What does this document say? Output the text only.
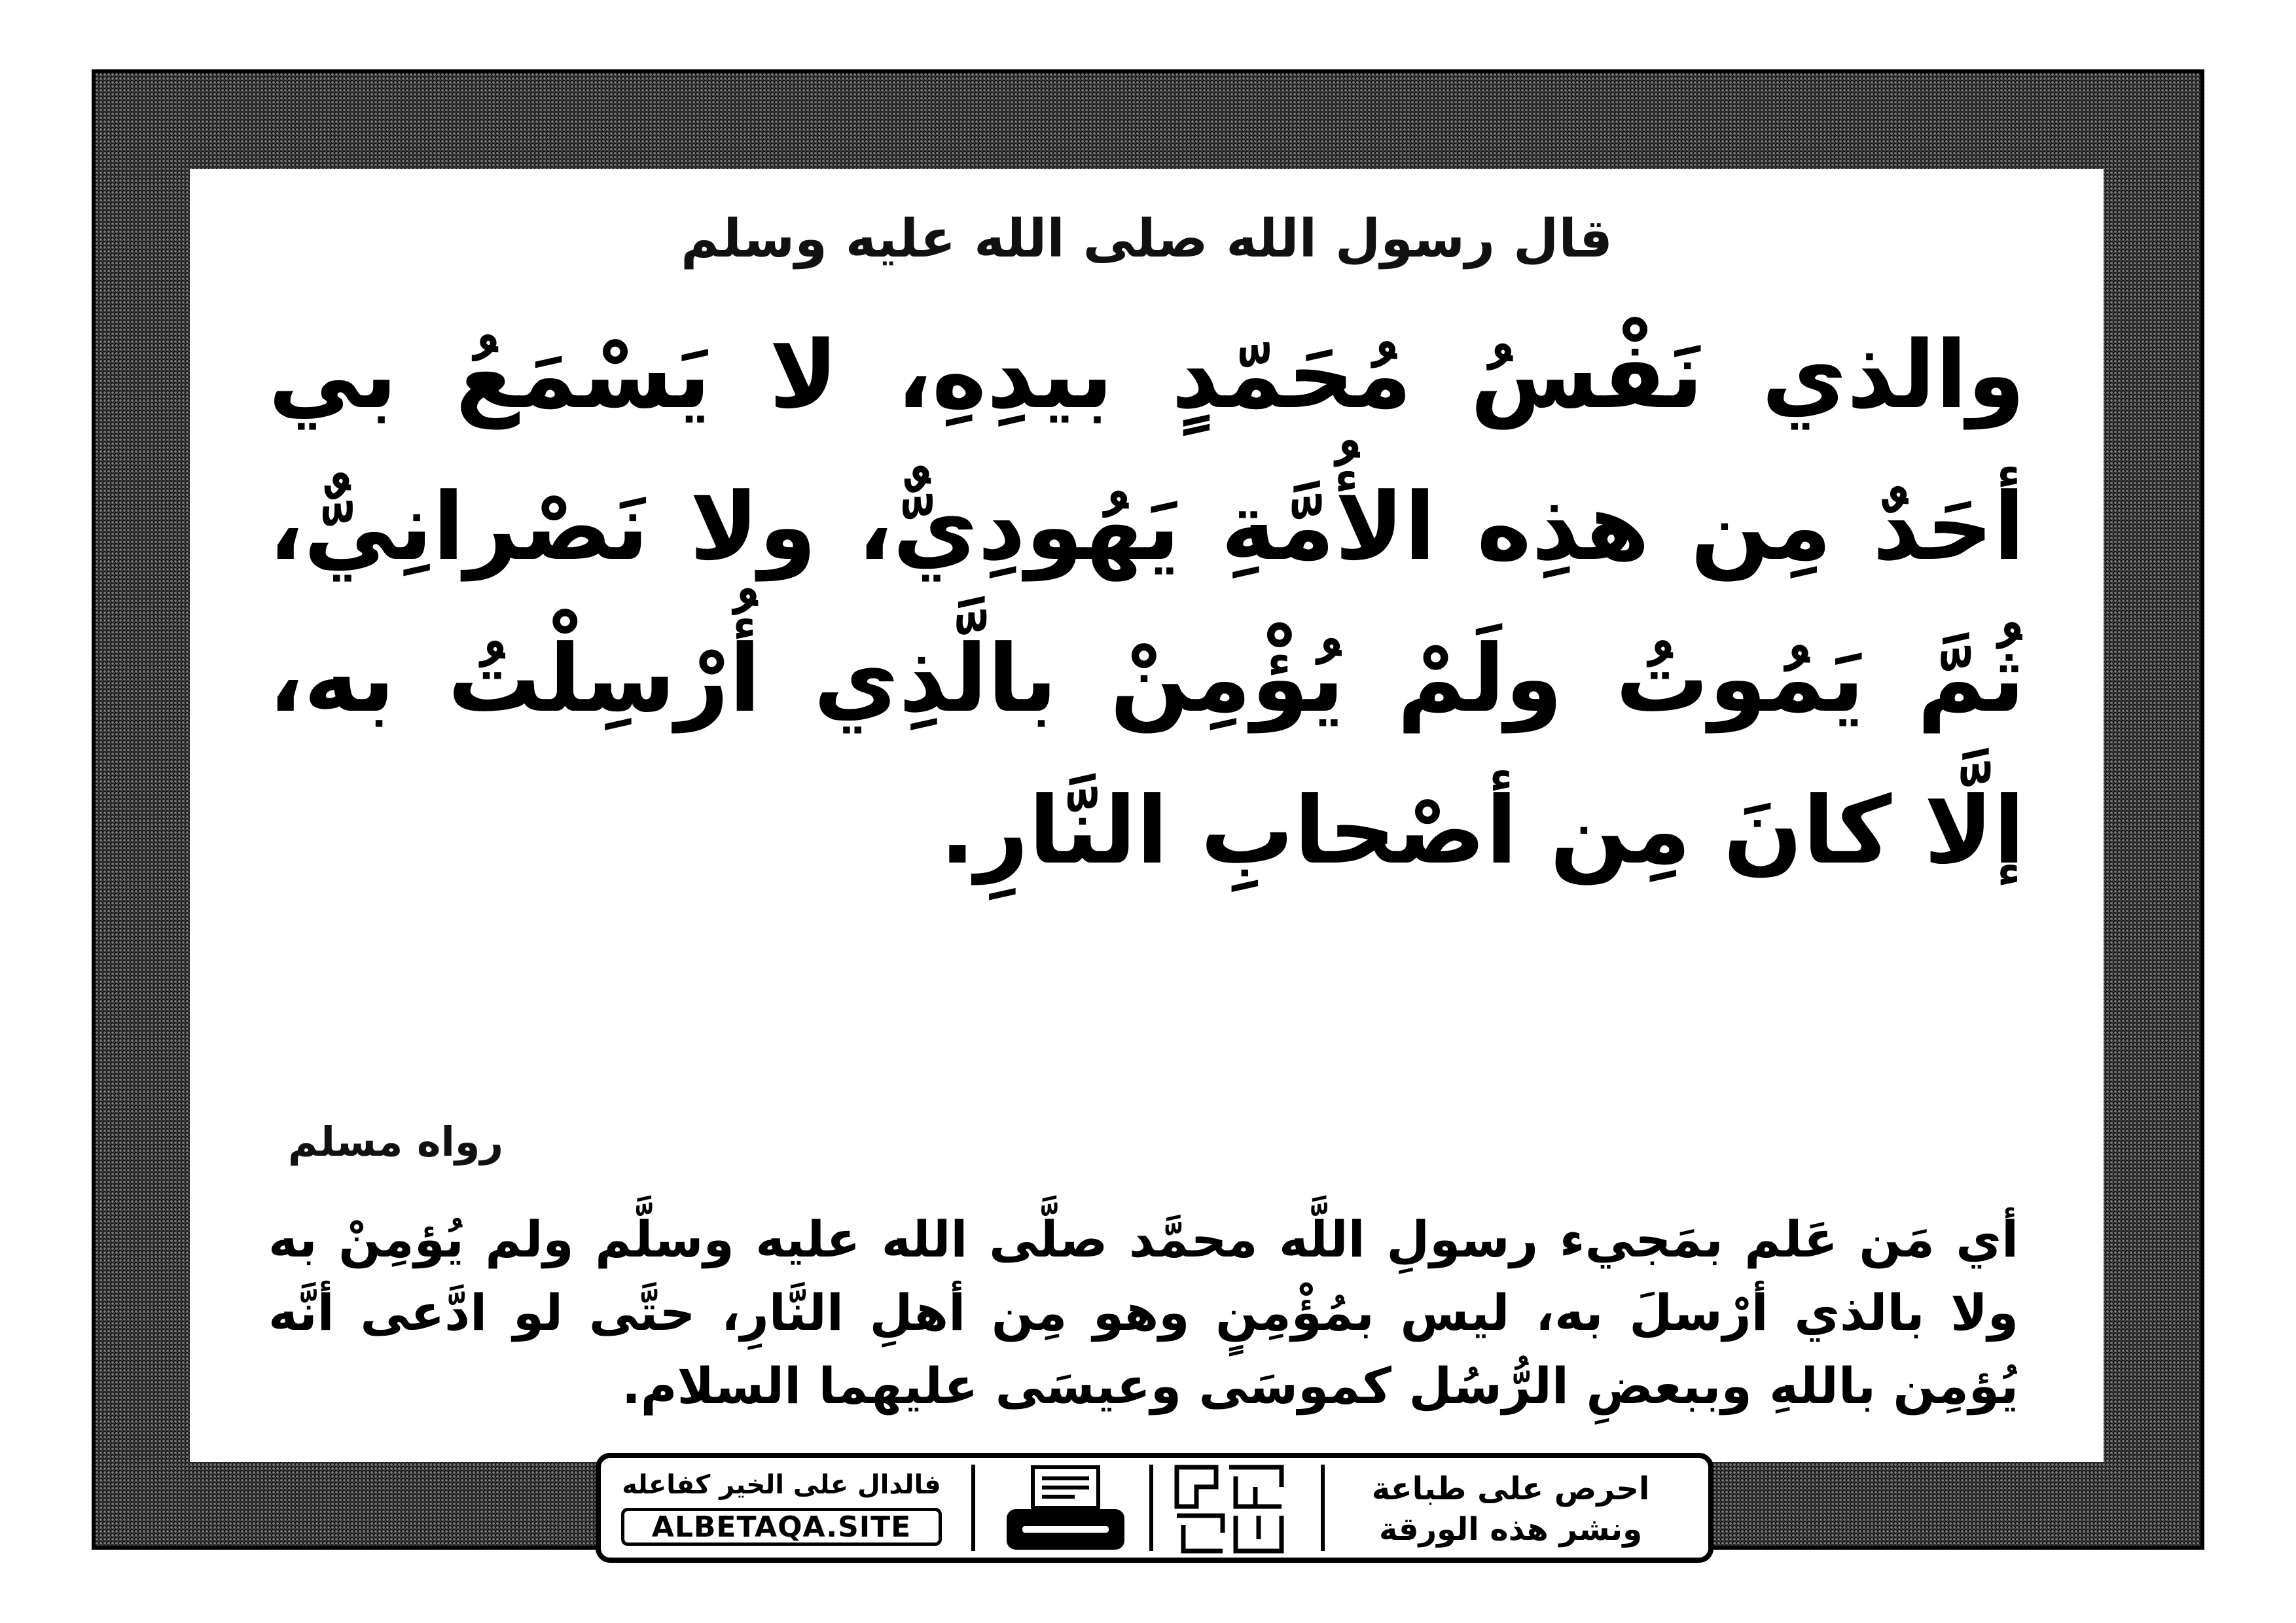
قال رسول الله صلى الله عليه وسلم
والذي نَفْسُ مُحَمّدٍ بيدِهِ، لا يَسْمَعُ بي أحَدٌ مِن هذِه الأُمَّةِ يَهُودِيٌّ، ولا نَصْرانِيٌّ، ثُمَّ يَمُوتُ ولَمْ يُؤْمِنْ بالَّذِي أُرْسِلْتُ به، إلَّا كانَ مِن أصْحابِ النَّارِ.
رواه مسلم
أي مَن عَلم بمَجيء رسولِ اللَّه محمَّد صلَّى الله عليه وسلَّم ولم يُؤمِنْ به ولا بالذي أرْسلَ به، ليس بمُؤْمِنٍ وهو مِن أهلِ النَّارِ، حتَّى لو ادَّعى أنَّه يُؤمِن باللهِ وببعضِ الرُّسُل كموسَى وعيسَى عليهما السلام.
فالدال على الخير كفاعله
ALBETAQA.SITE
احرص على طباعة
ونشر هذه الورقة
